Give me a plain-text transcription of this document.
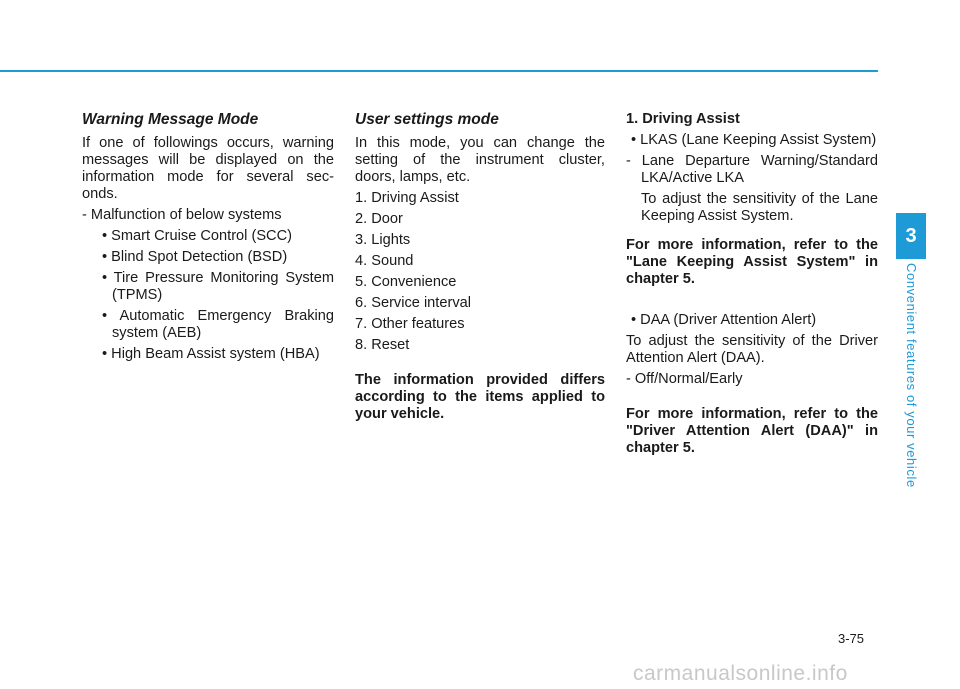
Warning Message Mode

If one of followings occurs, warning messages will be displayed on the information mode for several sec-onds.

- Malfunction of below systems

• Smart Cruise Control (SCC)

• Blind Spot Detection (BSD)

• Tire Pressure Monitoring System (TPMS)

• Automatic Emergency Braking system (AEB)

• High Beam Assist system (HBA)

User settings mode

In this mode, you can change the setting of the instrument cluster, doors, lamps, etc.

1. Driving Assist

2. Door

3. Lights

4. Sound

5. Convenience

6. Service interval

7. Other features

8. Reset

The information provided differs according to the items applied to your vehicle.

1. Driving Assist

• LKAS (Lane Keeping Assist System)

- Lane Departure Warning/Standard LKA/Active LKA

To adjust the sensitivity of the Lane Keeping Assist System.

For more information, refer to the "Lane Keeping Assist System" in chapter 5.

• DAA (Driver Attention Alert)

To adjust the sensitivity of the Driver Attention Alert (DAA).

- Off/Normal/Early

For more information, refer to the "Driver Attention Alert (DAA)" in chapter 5.

3
Convenient features of your vehicle
3-75
carmanualsonline.info
